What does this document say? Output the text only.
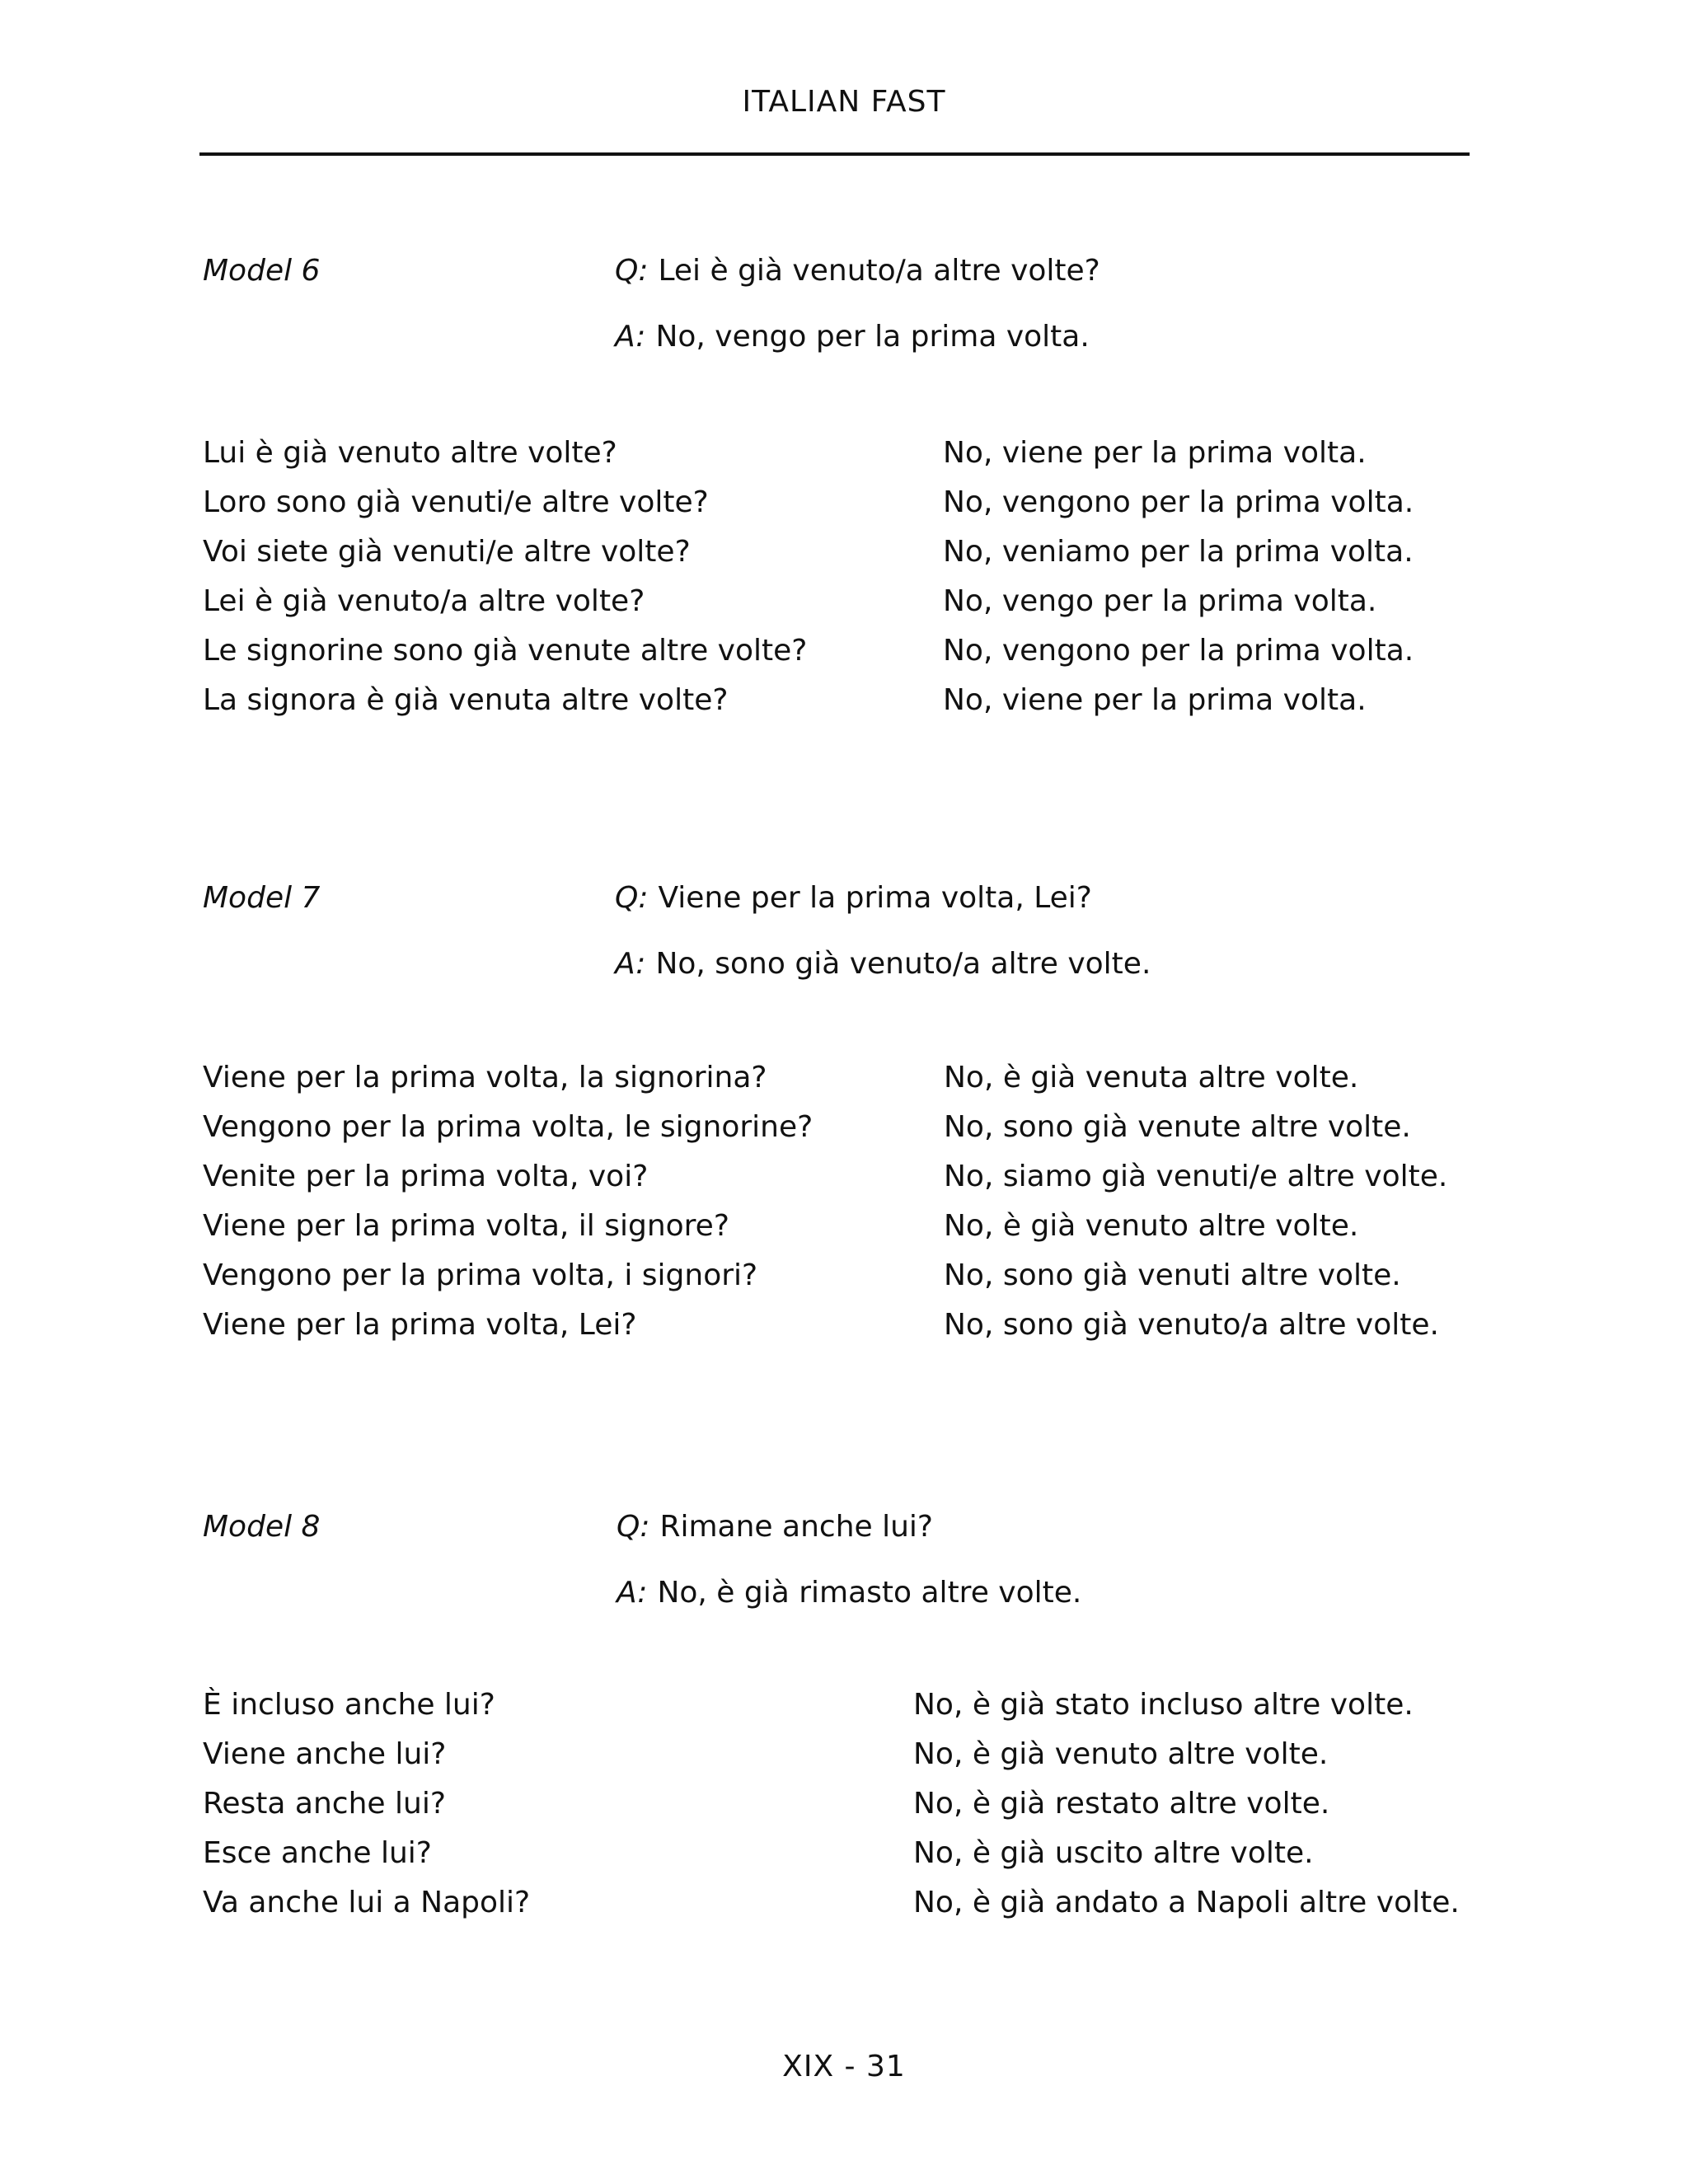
ITALIAN FAST
Model 6	Q: Lei è già venuto/a altre volte?
A: No, vengo per la prima volta.
Lui è già venuto altre volte?	No, viene per la prima volta.
Loro sono già venuti/e altre volte?	No, vengono per la prima volta.
Voi siete già venuti/e altre volte?	No, veniamo per la prima volta.
Lei è già venuto/a altre volte?	No, vengo per la prima volta.
Le signorine sono già venute altre volte?	No, vengono per la prima volta.
La signora è già venuta altre volte?	No, viene per la prima volta.
Model 7	Q: Viene per la prima volta, Lei?
A: No, sono già venuto/a altre volte.
Viene per la prima volta, la signorina?	No, è già venuta altre volte.
Vengono per la prima volta, le signorine?	No, sono già venute altre volte.
Venite per la prima volta, voi?	No, siamo già venuti/e altre volte.
Viene per la prima volta, il signore?	No, è già venuto altre volte.
Vengono per la prima volta, i signori?	No, sono già venuti altre volte.
Viene per la prima volta, Lei?	No, sono già venuto/a altre volte.
Model 8	Q: Rimane anche lui?
A: No, è già rimasto altre volte.
È incluso anche lui?	No, è già stato incluso altre volte.
Viene anche lui?	No, è già venuto altre volte.
Resta anche lui?	No, è già restato altre volte.
Esce anche lui?	No, è già uscito altre volte.
Va anche lui a Napoli?	No, è già andato a Napoli altre volte.
XIX - 31
